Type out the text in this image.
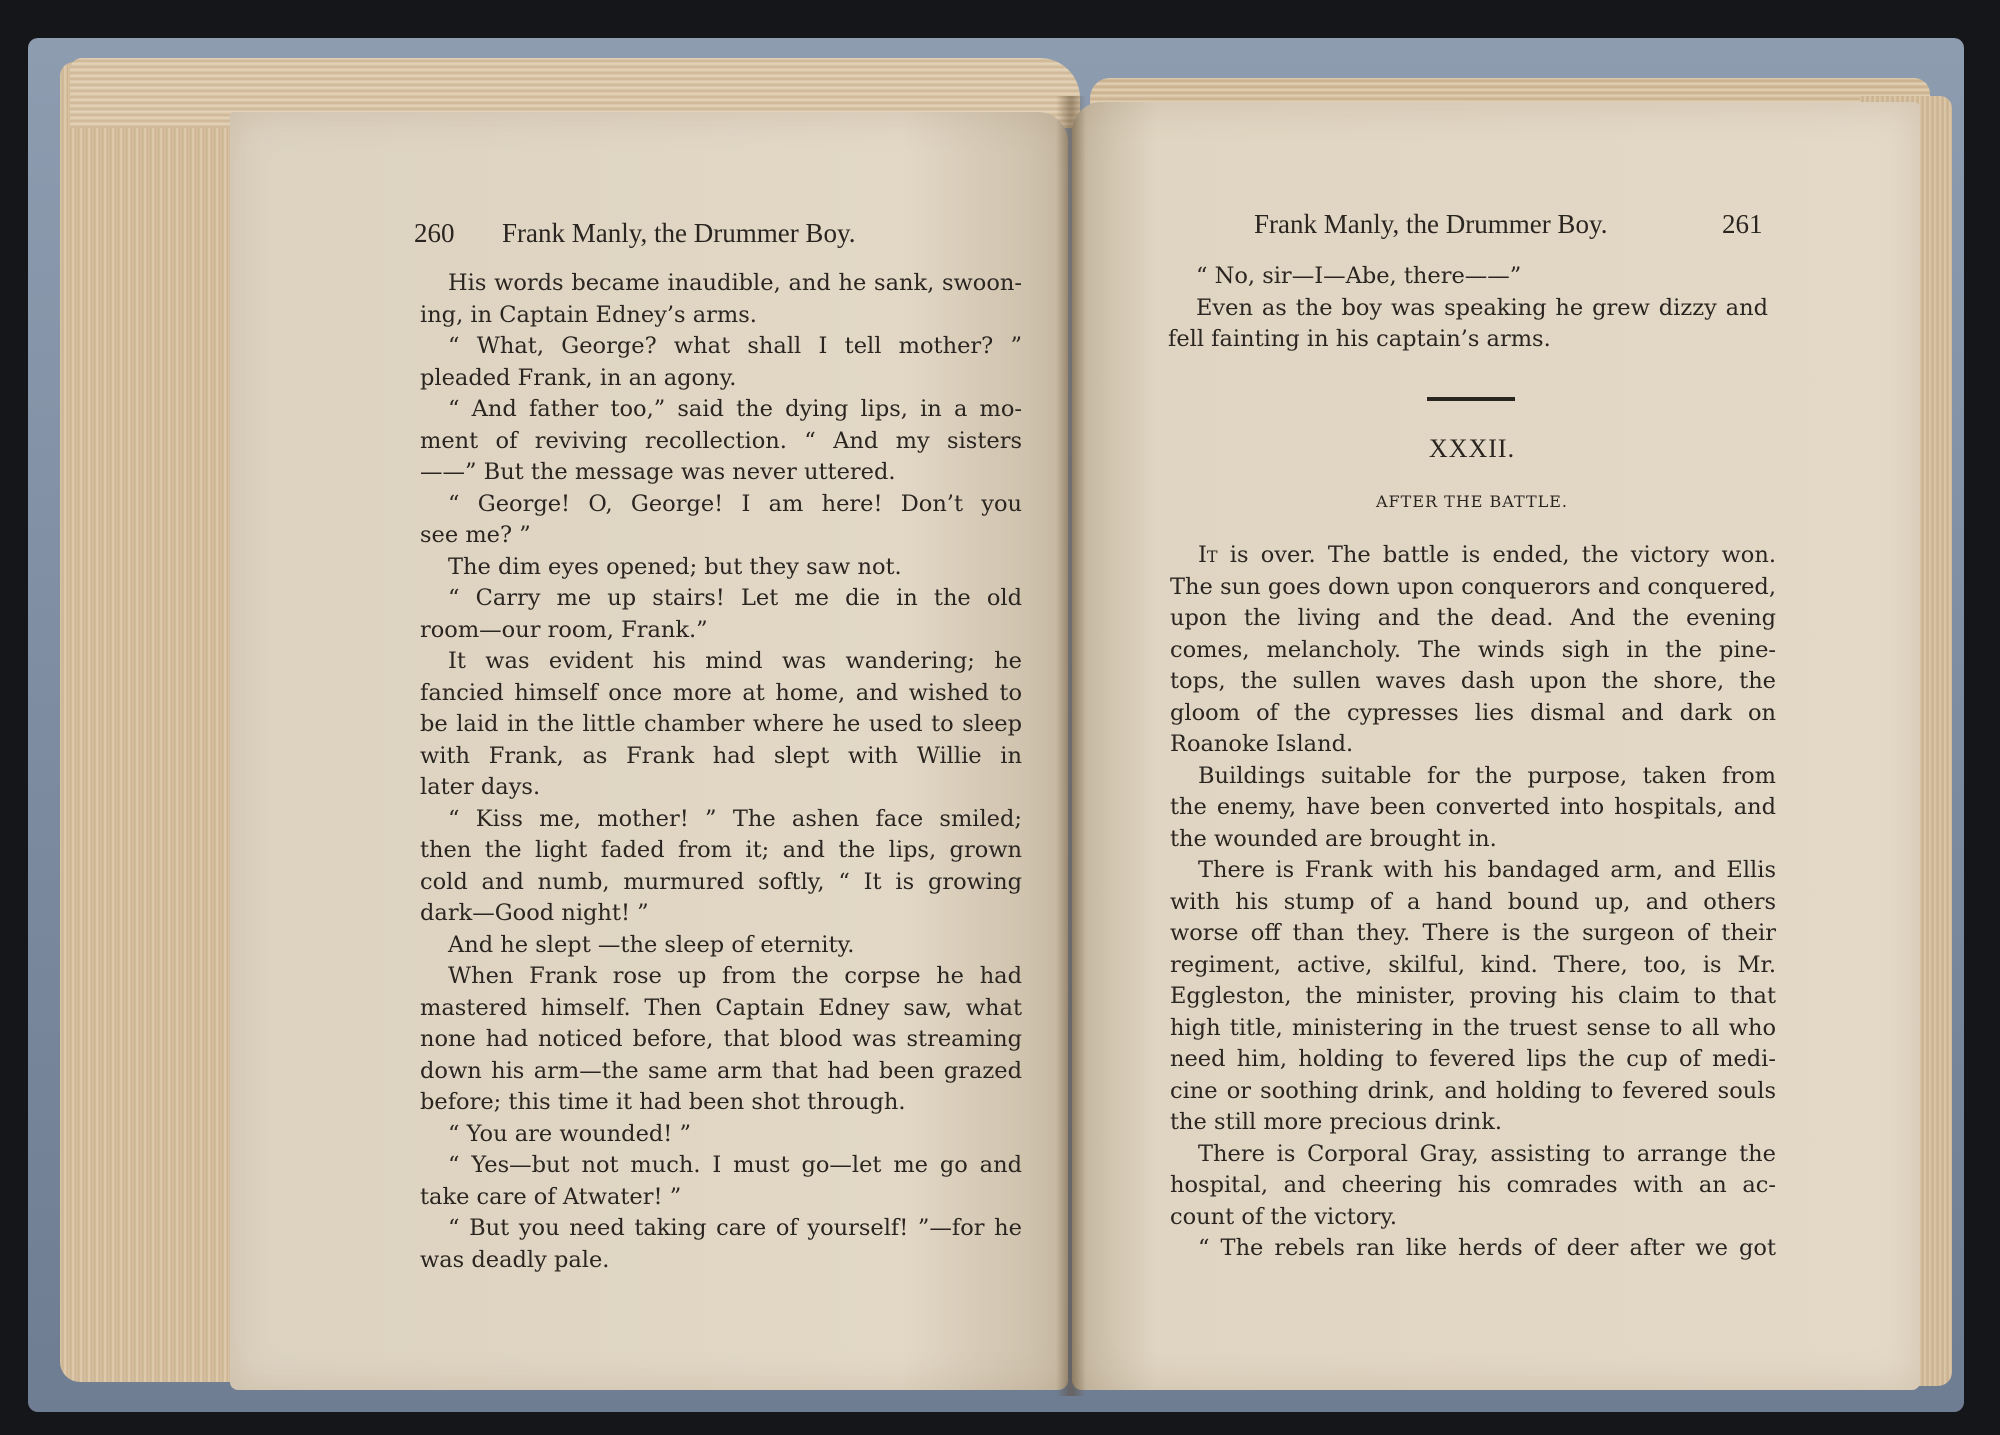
260 Frank Manly, the Drummer Boy.
His words became inaudible, and he sank, swoon-
ing, in Captain Edney’s arms.
“ What, George? what shall I tell mother? ”
pleaded Frank, in an agony.
“ And father too,” said the dying lips, in a mo-
ment of reviving recollection. “ And my sisters
——” But the message was never uttered.
“ George! O, George! I am here! Don’t you
see me? ”
The dim eyes opened; but they saw not.
“ Carry me up stairs! Let me die in the old
room—our room, Frank.”
It was evident his mind was wandering; he
fancied himself once more at home, and wished to
be laid in the little chamber where he used to sleep
with Frank, as Frank had slept with Willie in
later days.
“ Kiss me, mother! ” The ashen face smiled;
then the light faded from it; and the lips, grown
cold and numb, murmured softly, “ It is growing
dark—Good night! ”
And he slept —the sleep of eternity.
When Frank rose up from the corpse he had
mastered himself. Then Captain Edney saw, what
none had noticed before, that blood was streaming
down his arm—the same arm that had been grazed
before; this time it had been shot through.
“ You are wounded! ”
“ Yes—but not much. I must go—let me go and
take care of Atwater! ”
“ But you need taking care of yourself! ”—for he
was deadly pale.
Frank Manly, the Drummer Boy.	261
“ No, sir—I—Abe, there——”
Even as the boy was speaking he grew dizzy and
fell fainting in his captain’s arms.
XXXII.
AFTER THE BATTLE.
It is over. The battle is ended, the victory won.
The sun goes down upon conquerors and conquered,
upon the living and the dead. And the evening
comes, melancholy. The winds sigh in the pine-
tops, the sullen waves dash upon the shore, the
gloom of the cypresses lies dismal and dark on
Roanoke Island.
Buildings suitable for the purpose, taken from
the enemy, have been converted into hospitals, and
the wounded are brought in.
There is Frank with his bandaged arm, and Ellis
with his stump of a hand bound up, and others
worse off than they. There is the surgeon of their
regiment, active, skilful, kind. There, too, is Mr.
Eggleston, the minister, proving his claim to that
high title, ministering in the truest sense to all who
need him, holding to fevered lips the cup of medi-
cine or soothing drink, and holding to fevered souls
the still more precious drink.
There is Corporal Gray, assisting to arrange the
hospital, and cheering his comrades with an ac-
count of the victory.
“ The rebels ran like herds of deer after we got
